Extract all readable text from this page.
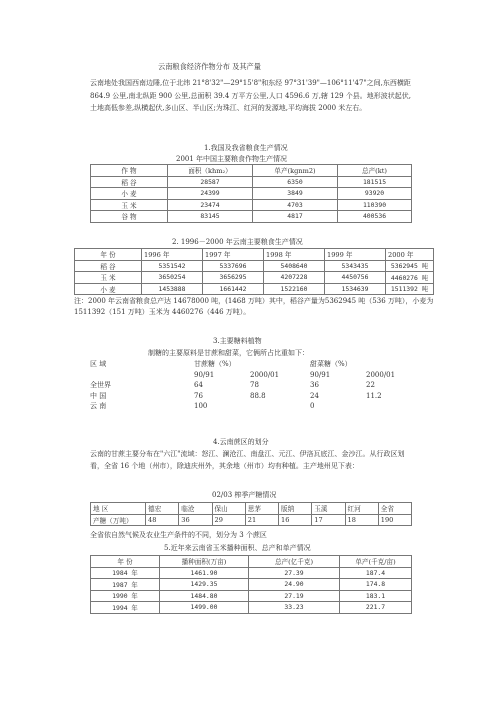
云南粮食经济作物分布 及其产量
云南地处我国西南边陲,位于北纬 21°8'32"—29°15'8"和东经 97°31'39"—106°11'47"之间,东西横距 864.9 公里,南北纵距 900 公里,总面积 39.4 万平方公里,人口 4596.6 万,辖 129 个县。地形波状起伏,土地高低参差,纵横起伏,多山区、半山区;为珠江、红河的发源地,平均海拔 2000 米左右。
1.我国及我省粮食生产情况
2001 年中国主要粮食作物生产情况
作 物	面积（khm₂）	单产(kgnm2)	总产(kt)
稻 谷	28587	6350	181515
小 麦	24399	3849	93920
玉 米	23474	4703	110390
谷 物	83145	4817	400536
2. 1996－2000 年云南主要粮食生产情况
年 份	1996 年	1997 年	1998 年	1999 年	2000 年
稻 谷	5351542	5337696	5408640	5343435	5362945 吨
玉 米	3650254	3656295	4207228	4450756	4460276 吨
小 麦	1453888	1661442	1522160	1534639	1511392 吨
注：2000 年云南省粮食总产达 14678000 吨，(1468 万吨）其中，稻谷产量为5362945 吨（536 万吨），小麦为 1511392（151 万吨）玉米为 4460276（446 万吨）。
3.主要糖料植物
制糖的主要原料是甘蔗和甜菜，它俩所占比重如下：
区 域	甘蔗糖（%）		甜菜糖（%）	
	90/91	2000/01	90/91	2000/01
全世界	64	78	36	22
中 国	76	88.8	24	11.2
云 南	100		0	
4.云南蔗区的划分
云南的甘蔗主要分布在"六江"流域：怒江、澜沧江、南盘江、元江、伊洛瓦底江、金沙江。从行政区划看，全省 16 个地（州市），除迪庆州外，其余地（州市）均有种植。主产地州见下表：
02/03 榨季产糖情况
地 区	德宏	临沧	保山	思茅	版纳	玉溪	红河	全省
产糖（万吨）	48	36	29	21	16	17	18	190
全省依自然气候及农业生产条件的不同，划分为 3 个蔗区
5.近年来云南省玉米播种面积、总产和单产情况
年 份	播种面积(万亩)	总产(亿千克)	单产(千克/亩)
1984 年	1461.90	27.39	187.4
1987 年	1429.35	24.90	174.8
1990 年	1484.80	27.19	183.1
1994 年	1499.00	33.23	221.7
